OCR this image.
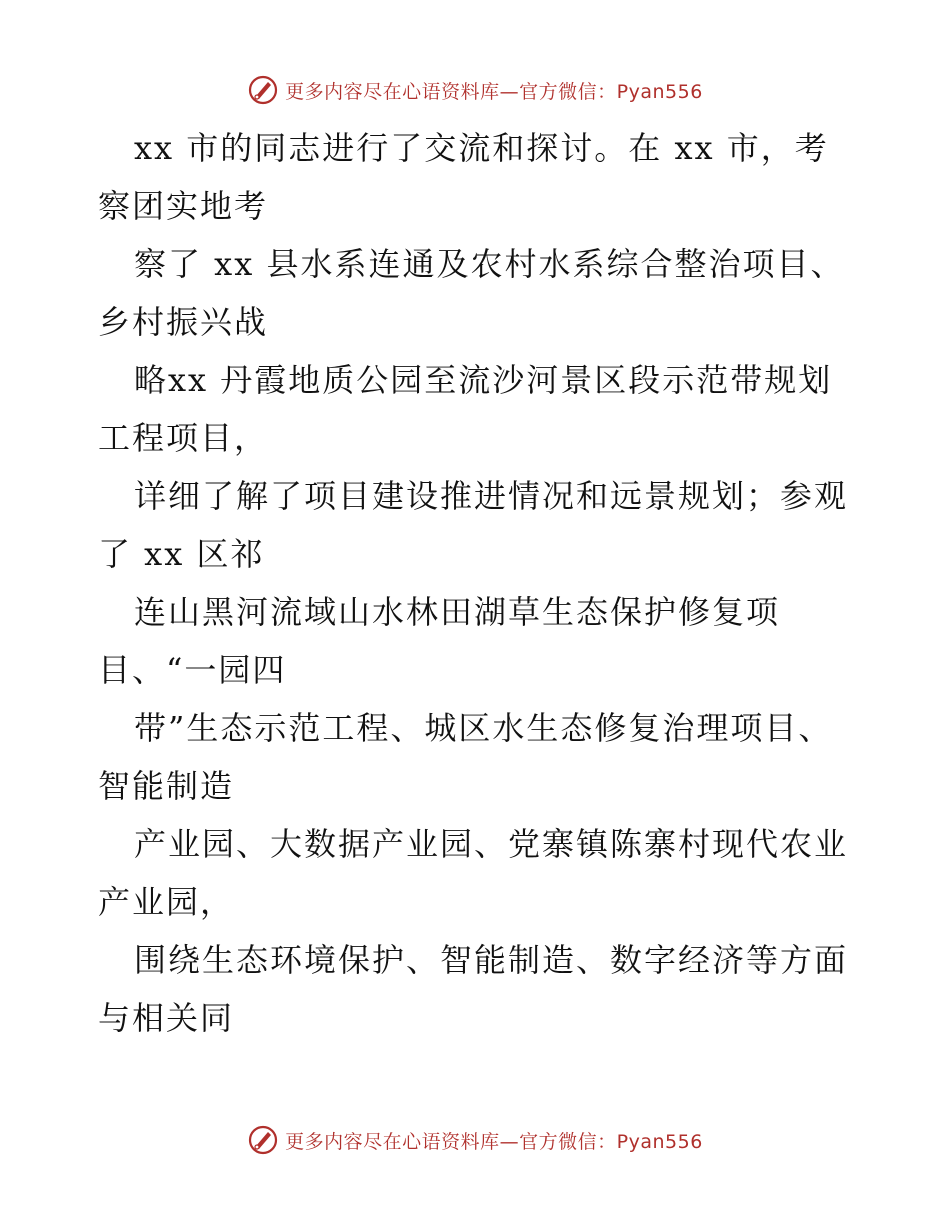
更多内容尽在心语资料库—官方微信：Pyan556
xx 市的同志进行了交流和探讨。在 xx 市，考
察团实地考
察了 xx 县水系连通及农村水系综合整治项目、
乡村振兴战
略xx 丹霞地质公园至流沙河景区段示范带规划
工程项目，
详细了解了项目建设推进情况和远景规划；参观
了 xx 区祁
连山黑河流域山水林田湖草生态保护修复项
目、“一园四
带”生态示范工程、城区水生态修复治理项目、
智能制造
产业园、大数据产业园、党寨镇陈寨村现代农业
产业园，
围绕生态环境保护、智能制造、数字经济等方面
与相关同
更多内容尽在心语资料库—官方微信：Pyan556
